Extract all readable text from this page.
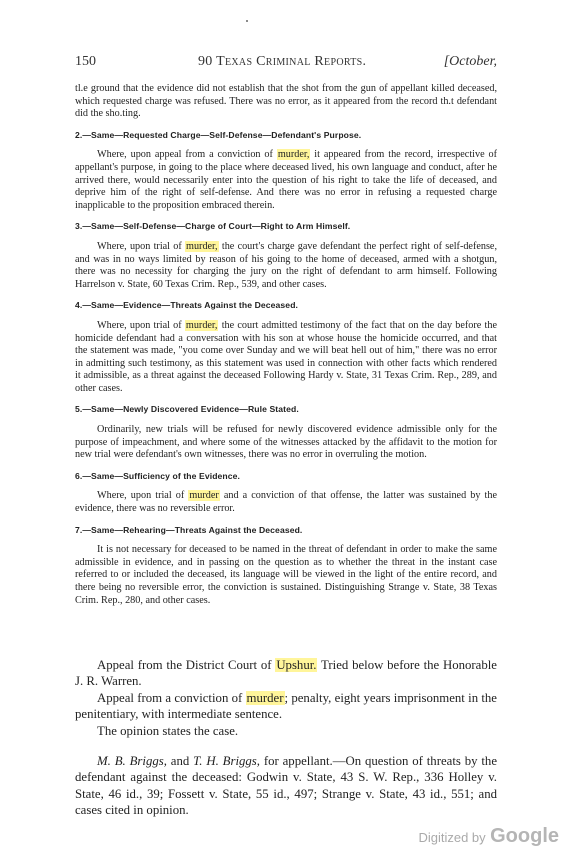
150	90 Texas Criminal Reports.	[October,

tl.e ground that the evidence did not establish that the shot from the gun of appellant killed deceased, which requested charge was refused. There was no error, as it appeared from the record th.t defendant did the sho.ting.

2.—Same—Requested Charge—Self-Defense—Defendant's Purpose.

Where, upon appeal from a conviction of murder, it appeared from the record, irrespective of appellant's purpose, in going to the place where deceased lived, his own language and conduct, after he arrived there, would necessarily enter into the question of his right to take the life of deceased, and deprive him of the right of self-defense. And there was no error in refusing a requested charge inapplicable to the proposition embraced therein.

3.—Same—Self-Defense—Charge of Court—Right to Arm Himself.

Where, upon trial of murder, the court's charge gave defendant the perfect right of self-defense, and was in no ways limited by reason of his going to the home of deceased, armed with a shotgun, there was no necessity for charging the jury on the right of defendant to arm himself. Following Harrelson v. State, 60 Texas Crim. Rep., 539, and other cases.

4.—Same—Evidence—Threats Against the Deceased.

Where, upon trial of murder, the court admitted testimony of the fact that on the day before the homicide defendant had a conversation with his son at whose house the homicide occurred, and that the statement was made, "you come over Sunday and we will beat hell out of him," there was no error in admitting such testimony, as this statement was used in connection with other facts which rendered it admissible, as a threat against the deceased Following Hardy v. State, 31 Texas Crim. Rep., 289, and other cases.

5.—Same—Newly Discovered Evidence—Rule Stated.

Ordinarily, new trials will be refused for newly discovered evidence admissible only for the purpose of impeachment, and where some of the witnesses attacked by the affidavit to the motion for new trial were defendant's own witnesses, there was no error in overruling the motion.

6.—Same—Sufficiency of the Evidence.

Where, upon trial of murder and a conviction of that offense, the latter was sustained by the evidence, there was no reversible error.

7.—Same—Rehearing—Threats Against the Deceased.

It is not necessary for deceased to be named in the threat of defendant in order to make the same admissible in evidence, and in passing on the question as to whether the threat in the instant case referred to or included the deceased, its language will be viewed in the light of the entire record, and there being no reversible error, the conviction is sustained. Distinguishing Strange v. State, 38 Texas Crim. Rep., 280, and other cases.

Appeal from the District Court of Upshur. Tried below before the Honorable J. R. Warren.

Appeal from a conviction of murder; penalty, eight years imprisonment in the penitentiary, with intermediate sentence.

The opinion states the case.

M. B. Briggs, and T. H. Briggs, for appellant.—On question of threats by the defendant against the deceased: Godwin v. State, 43 S. W. Rep., 336 Holley v. State, 46 id., 39; Fossett v. State, 55 id., 497; Strange v. State, 43 id., 551; and cases cited in opinion.

Digitized by Google
